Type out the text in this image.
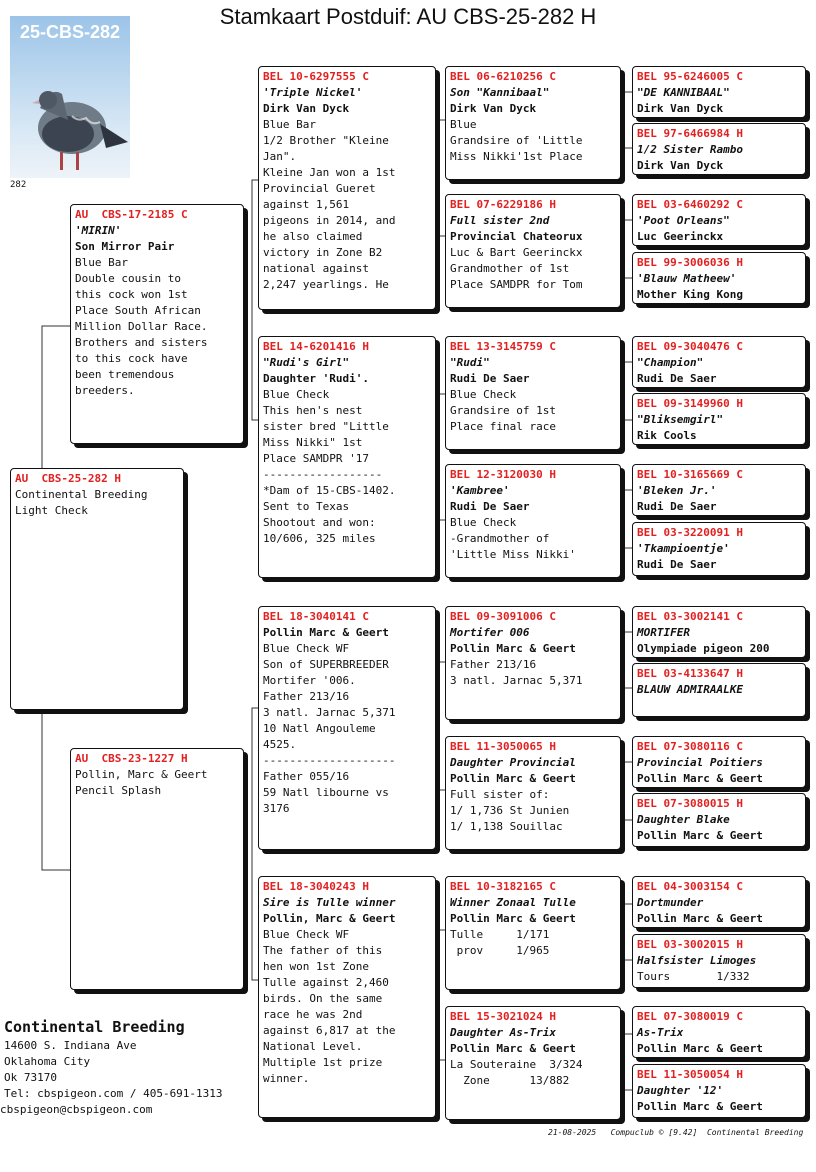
Stamkaart Postduif: AU CBS-25-282 H
25-CBS-282
282
AU  CBS-25-282 H
Continental Breeding
Light Check
AU  CBS-17-2185 C
'MIRIN'
Son Mirror Pair
Blue Bar
Double cousin to
this cock won 1st
Place South African
Million Dollar Race.
Brothers and sisters
to this cock have
been tremendous
breeders.
AU  CBS-23-1227 H
Pollin, Marc & Geert
Pencil Splash
BEL 10-6297555 C
'Triple Nickel'
Dirk Van Dyck
Blue Bar
1/2 Brother "Kleine
Jan".
Kleine Jan won a 1st
Provincial Gueret
against 1,561
pigeons in 2014, and
he also claimed
victory in Zone B2
national against
2,247 yearlings. He
BEL 14-6201416 H
"Rudi's Girl"
Daughter 'Rudi'.
Blue Check
This hen's nest
sister bred "Little
Miss Nikki" 1st
Place SAMDPR '17
------------------
*Dam of 15-CBS-1402.
Sent to Texas
Shootout and won:
10/606, 325 miles
BEL 18-3040141 C
Pollin Marc & Geert
Blue Check WF
Son of SUPERBREEDER
Mortifer '006.
Father 213/16
3 natl. Jarnac 5,371
10 Natl Angouleme
4525.
--------------------
Father 055/16
59 Natl libourne vs
3176
BEL 18-3040243 H
Sire is Tulle winner
Pollin, Marc & Geert
Blue Check WF
The father of this
hen won 1st Zone
Tulle against 2,460
birds. On the same
race he was 2nd
against 6,817 at the
National Level.
Multiple 1st prize
winner.
BEL 06-6210256 C
Son "Kannibaal"
Dirk Van Dyck
Blue
Grandsire of 'Little
Miss Nikki'1st Place
BEL 07-6229186 H
Full sister 2nd
Provincial Chateorux
Luc & Bart Geerinckx
Grandmother of 1st
Place SAMDPR for Tom
BEL 13-3145759 C
"Rudi"
Rudi De Saer
Blue Check
Grandsire of 1st
Place final race
BEL 12-3120030 H
'Kambree'
Rudi De Saer
Blue Check
-Grandmother of
'Little Miss Nikki'
BEL 09-3091006 C
Mortifer 006
Pollin Marc & Geert
Father 213/16
3 natl. Jarnac 5,371
BEL 11-3050065 H
Daughter Provincial
Pollin Marc & Geert
Full sister of:
1/ 1,736 St Junien
1/ 1,138 Souillac
BEL 10-3182165 C
Winner Zonaal Tulle
Pollin Marc & Geert
Tulle     1/171
prov     1/965
BEL 15-3021024 H
Daughter As-Trix
Pollin Marc & Geert
La Souteraine  3/324
Zone      13/882
BEL 95-6246005 C
"DE KANNIBAAL"
Dirk Van Dyck
BEL 97-6466984 H
1/2 Sister Rambo
Dirk Van Dyck
BEL 03-6460292 C
'Poot Orleans"
Luc Geerinckx
BEL 99-3006036 H
'Blauw Matheew'
Mother King Kong
BEL 09-3040476 C
"Champion"
Rudi De Saer
BEL 09-3149960 H
"Bliksemgirl"
Rik Cools
BEL 10-3165669 C
'Bleken Jr.'
Rudi De Saer
BEL 03-3220091 H
'Tkampioentje'
Rudi De Saer
BEL 03-3002141 C
MORTIFER
Olympiade pigeon 200
BEL 03-4133647 H
BLAUW ADMIRAALKE
BEL 07-3080116 C
Provincial Poitiers
Pollin Marc & Geert
BEL 07-3080015 H
Daughter Blake
Pollin Marc & Geert
BEL 04-3003154 C
Dortmunder
Pollin Marc & Geert
BEL 03-3002015 H
Halfsister Limoges
Tours       1/332
BEL 07-3080019 C
As-Trix
Pollin Marc & Geert
BEL 11-3050054 H
Daughter '12'
Pollin Marc & Geert
Continental Breeding
14600 S. Indiana Ave
Oklahoma City
Ok 73170
Tel: cbspigeon.com / 405-691-1313
cbspigeon@cbspigeon.com
21-08-2025   Compuclub © [9.42]  Continental Breeding
